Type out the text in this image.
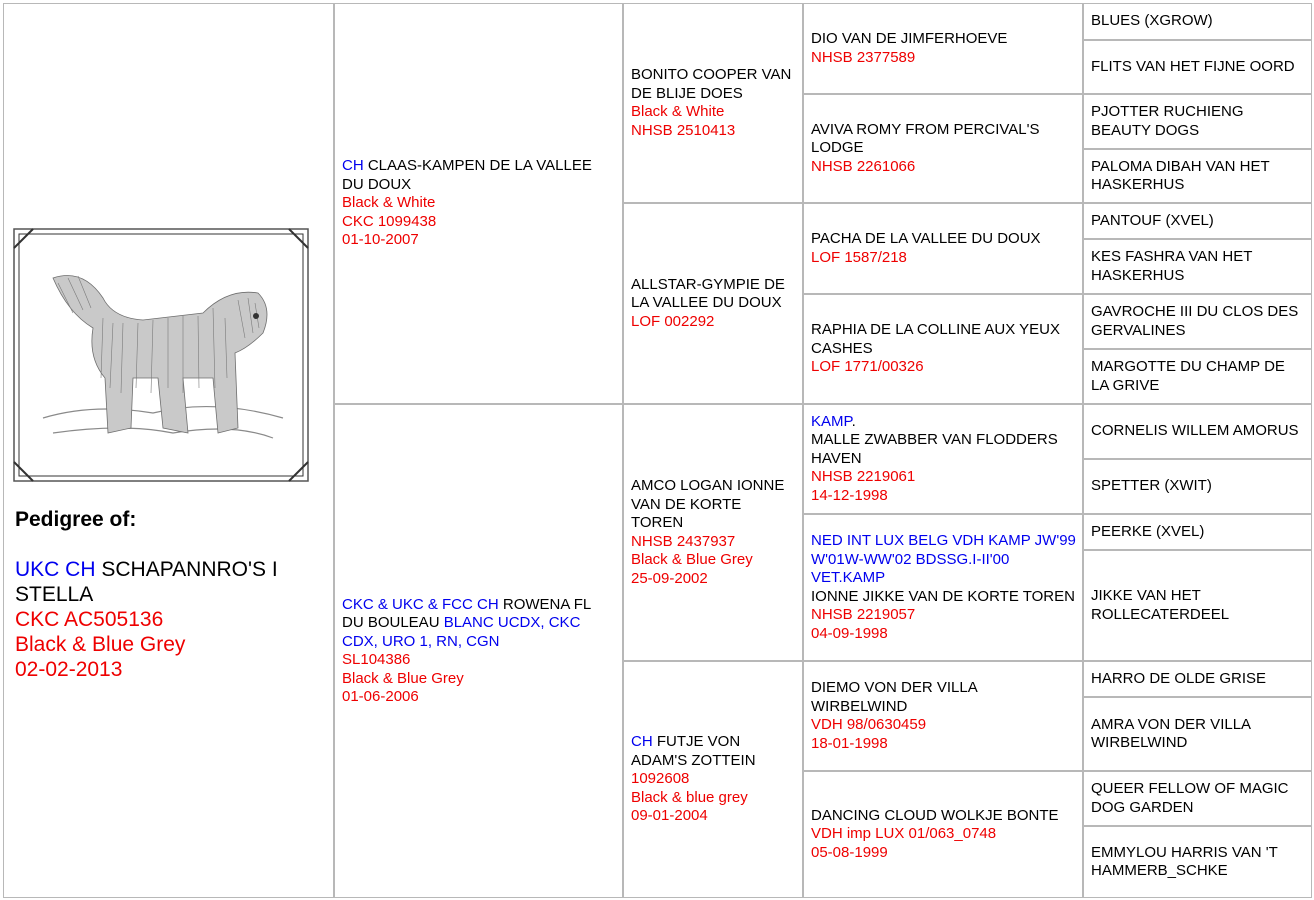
Pedigree of:
UKC CH SCHAPANNRO'S I STELLA
CKC AC505136
Black & Blue Grey
02-02-2013
CH CLAAS-KAMPEN DE LA VALLEE DU DOUX
Black & White
CKC 1099438
01-10-2007
CKC & UKC & FCC CH ROWENA FL DU BOULEAU BLANC UCDX, CKC CDX, URO 1, RN, CGN
SL104386
Black & Blue Grey
01-06-2006
BONITO COOPER VAN DE BLIJE DOES
Black & White
NHSB 2510413
ALLSTAR-GYMPIE DE LA VALLEE DU DOUX
LOF 002292
AMCO LOGAN IONNE VAN DE KORTE TOREN
NHSB 2437937
Black & Blue Grey
25-09-2002
CH FUTJE VON ADAM'S ZOTTEIN
1092608
Black & blue grey
09-01-2004
DIO VAN DE JIMFERHOEVE
NHSB 2377589
AVIVA ROMY FROM PERCIVAL'S LODGE
NHSB 2261066
PACHA DE LA VALLEE DU DOUX
LOF 1587/218
RAPHIA DE LA COLLINE AUX YEUX CASHES
LOF 1771/00326
KAMP.
MALLE ZWABBER VAN FLODDERS HAVEN
NHSB 2219061
14-12-1998
NED INT LUX BELG VDH KAMP JW'99 W'01W-WW'02 BDSSG.I-II'00 VET.KAMP
IONNE JIKKE VAN DE KORTE TOREN
NHSB 2219057
04-09-1998
DIEMO VON DER VILLA WIRBELWIND
VDH 98/0630459
18-01-1998
DANCING CLOUD WOLKJE BONTE
VDH imp LUX 01/063_0748
05-08-1999
BLUES (XGROW)
FLITS VAN HET FIJNE OORD
PJOTTER RUCHIENG BEAUTY DOGS
PALOMA DIBAH VAN HET HASKERHUS
PANTOUF (XVEL)
KES FASHRA VAN HET HASKERHUS
GAVROCHE III DU CLOS DES GERVALINES
MARGOTTE DU CHAMP DE LA GRIVE
CORNELIS WILLEM AMORUS
SPETTER (XWIT)
PEERKE (XVEL)
JIKKE VAN HET ROLLECATERDEEL
HARRO DE OLDE GRISE
AMRA VON DER VILLA WIRBELWIND
QUEER FELLOW OF MAGIC DOG GARDEN
EMMYLOU HARRIS VAN 'T HAMMERB_SCHKE
